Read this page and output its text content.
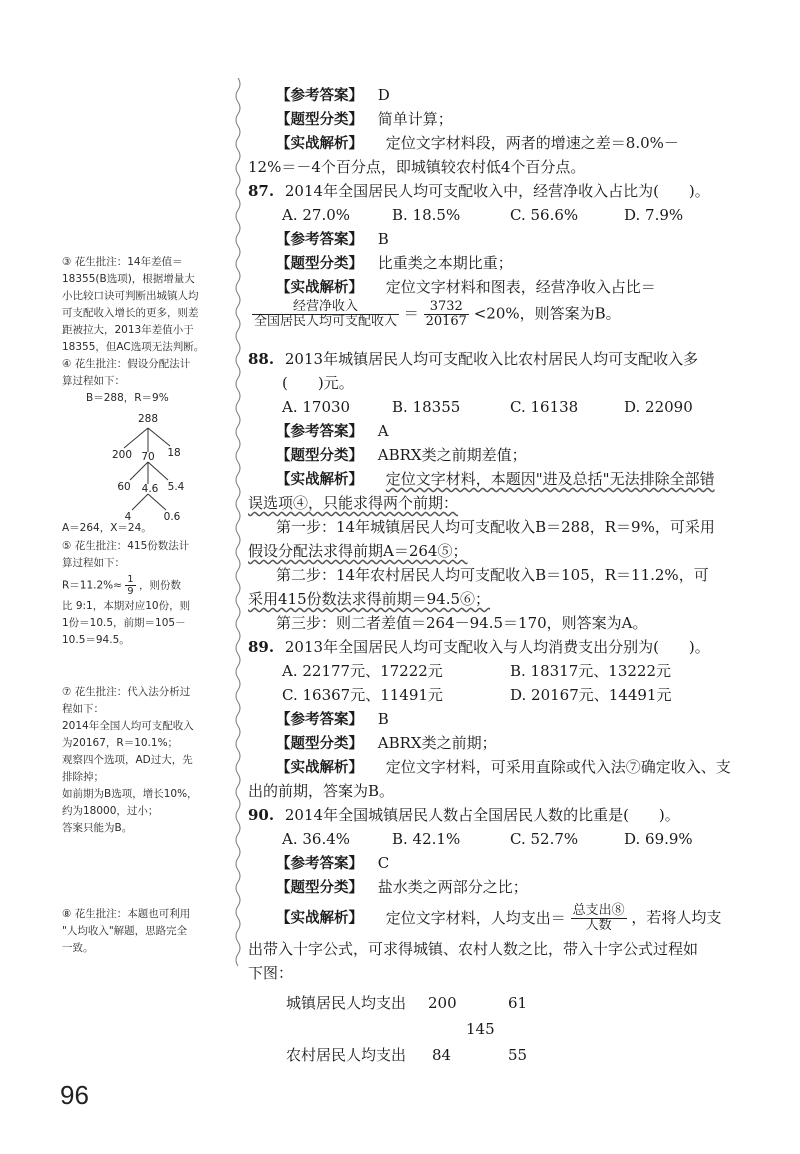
【参考答案】 D
【题型分类】 简单计算；
【实战解析】 定位文字材料段，两者的增速之差＝8.0%－
12%＝－4个百分点，即城镇较农村低4个百分点。
87. 2014年全国居民人均可支配收入中，经营净收入占比为(　　)。
A. 27.0%	B. 18.5%	C. 56.6%	D. 7.9%
【参考答案】 B
【题型分类】 比重类之本期比重；
【实战解析】 定位文字材料和图表，经营净收入占比＝
$\frac{\text{经营净收入}}{\text{全国居民人均可支配收入}} = \frac{3732}{20167} <20\%$，则答案为B。
88. 2013年城镇居民人均可支配收入比农村居民人均可支配收入多
(　　)元。
A. 17030	B. 18355	C. 16138	D. 22090
【参考答案】 A
【题型分类】 ABRX类之前期差值；
【实战解析】 定位文字材料，本题因"进及总括"无法排除全部错
误选项④，只能求得两个前期：
第一步：14年城镇居民人均可支配收入B＝288，R＝9%，可采用
假设分配法求得前期A＝264⑤；
第二步：14年农村居民人均可支配收入B＝105，R＝11.2%，可
采用415份数法求得前期＝94.5⑥；
第三步：则二者差值＝264－94.5＝170，则答案为A。
89. 2013年全国居民人均可支配收入与人均消费支出分别为(　　)。
A. 22177元、17222元	B. 18317元、13222元
C. 16367元、11491元	D. 20167元、14491元
【参考答案】 B
【题型分类】 ABRX类之前期；
【实战解析】 定位文字材料，可采用直除或代入法⑦确定收入、支
出的前期，答案为B。
90. 2014年全国城镇居民人数占全国居民人数的比重是(　　)。
A. 36.4%	B. 42.1%	C. 52.7%	D. 69.9%
【参考答案】 C
【题型分类】 盐水类之两部分之比；
【实战解析】 定位文字材料，人均支出＝ $\frac{\text{总支出⑧}}{\text{人数}}$ ，若将人均支
出带入十字公式，可求得城镇、农村人数之比，带入十字公式过程如
下图：
城镇居民人均支出 200	61
145
农村居民人均支出 84	55
③ 花生批注：14年差值＝
18355(B选项)，根据增量大
小比较口诀可判断出城镇人均
可支配收入增长的更多，则差
距被拉大，2013年差值小于
18355，但AC选项无法判断。
④ 花生批注：假设分配法计
算过程如下：
B＝288，R＝9%
288
200 70 18
60 4.6 5.4
4	0.6
A＝264，X＝24。
⑤ 花生批注：415份数法计
算过程如下：
$R=11.2\%\approx \frac{1}{9}$ ，则份数
比 9:1，本期对应10份，则
1份＝10.5，前期＝105－
10.5＝94.5。
⑦ 花生批注：代入法分析过
程如下：
2014年全国人均可支配收入
为20167，R＝10.1%；
观察四个选项，AD过大，先
排除掉；
如前期为B选项，增长10%，
约为18000，过小；
答案只能为B。
⑧ 花生批注：本题也可利用
"人均收入"解题，思路完全
一致。
96
